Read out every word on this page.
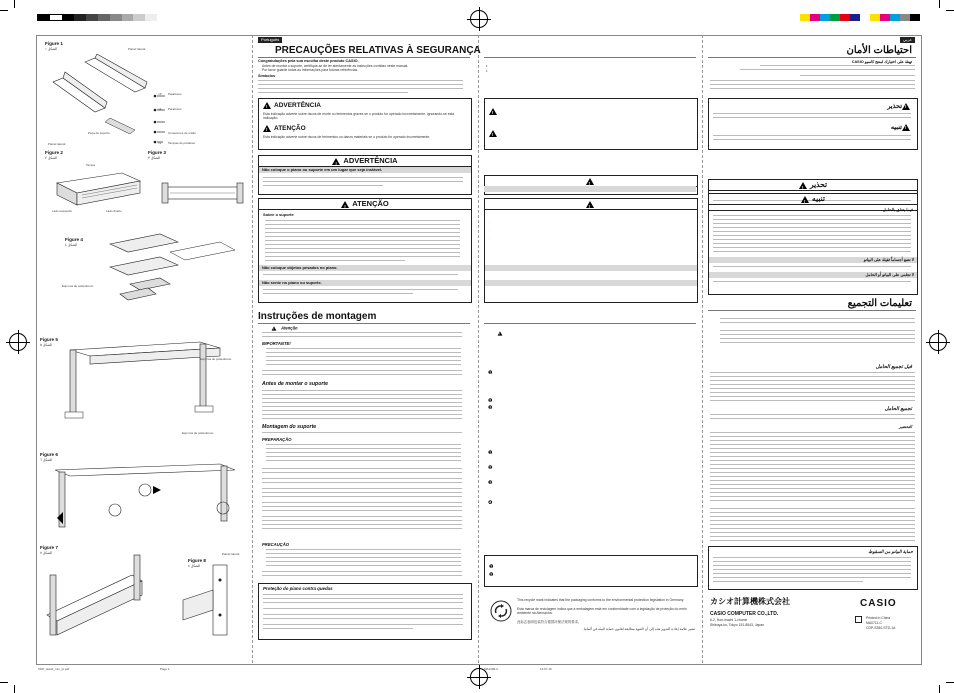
Figure 1
الشكل ١
Painel lateral
Painel lateral
Peça de suporte
Parafusos
Parafusos
Conectores de união
Tampas de parafuso
×6
×4
×2
Figure 2
الشكل ٢
Tampa
Lado esquerdo	Lado direito
Figure 3
الشكل ٣
Figure 4
الشكل ٤
Espuma de poliestireno
Figure 5
الشكل ٥
Espuma de poliestireno
Espuma de poliestireno
Figure 6
الشكل ٦
Figure 7
الشكل ٧
Figure 8
الشكل ٨
Painel lateral
CDP_stand_mm_pt.pdf	Page 1
Português
PRECAUÇÕES RELATIVAS À SEGURANÇA
Congratulações pela sua escolha deste produto CASIO.
Antes de montar o suporte, certifique-se de ler atentamente as instruções contidas neste manual.
Por favor guarde todas as informações para futuras referências.
Símbolos
!ADVERTÊNCIA
Esta indicação adverte sobre riscos de morte ou ferimentos graves se o produto for operado incorretamente, ignorando-se esta indicação.
!ATENÇÃO
Esta indicação adverte sobre riscos de ferimentos ou danos materiais se o produto for operado incorretamente.
!ADVERTÊNCIA
Não coloque o piano ou suporte em um lugar que seja instável.
!ATENÇÃO
Sobre o suporte
Não coloque objetos pesados no piano.
Não sente no piano ou suporte.
Instruções de montagem
!Atenção
IMPORTANTE!
Antes de montar o suporte
Montagem do suporte
PREPARAÇÃO
PRECAUÇÃO
Proteção do piano contra quedas
•
•
!
!
!
!
.
.
.
!
❶
❷
❸
❶
❷
❸
❹
❶
❷
This recycle mark indicates that the packaging conforms to the environmental protection legislation in Germany.
Esta marca de reciclagem indica que a embalagem está em conformidade com a legislação de proteção do meio ambiente na Alemanha.
此标志表明包装符合德国环保法规的要求。
تشير علامة إعادة التدوير هذه إلى أن العبوة مطابقة لقانون حماية البيئة في ألمانيا.
MA1306-C	13.07.16
عربي
احتياطات الأمان
تهنئة على اختيارك لمنتج كاسيو CASIO
!تحذير
!تنبيه
!تحذير
!تنبيه
فيما يتعلق بالحامل
لا تضع أجساماً ثقيلة على البيانو
لا تجلس على البيانو أو الحامل
تعليمات التجميع
قبل تجميع الحامل
تجميع الحامل
التحضير
حماية البيانو من السقوط
カシオ計算機株式会社
CASIO COMPUTER CO.,LTD.
6-2, Hon-machi 1-chome
Shibuya-ku, Tokyo 151-8543, Japan
CASIO
Printed in China
MA0711-C
CDP-S350-STD-1A
